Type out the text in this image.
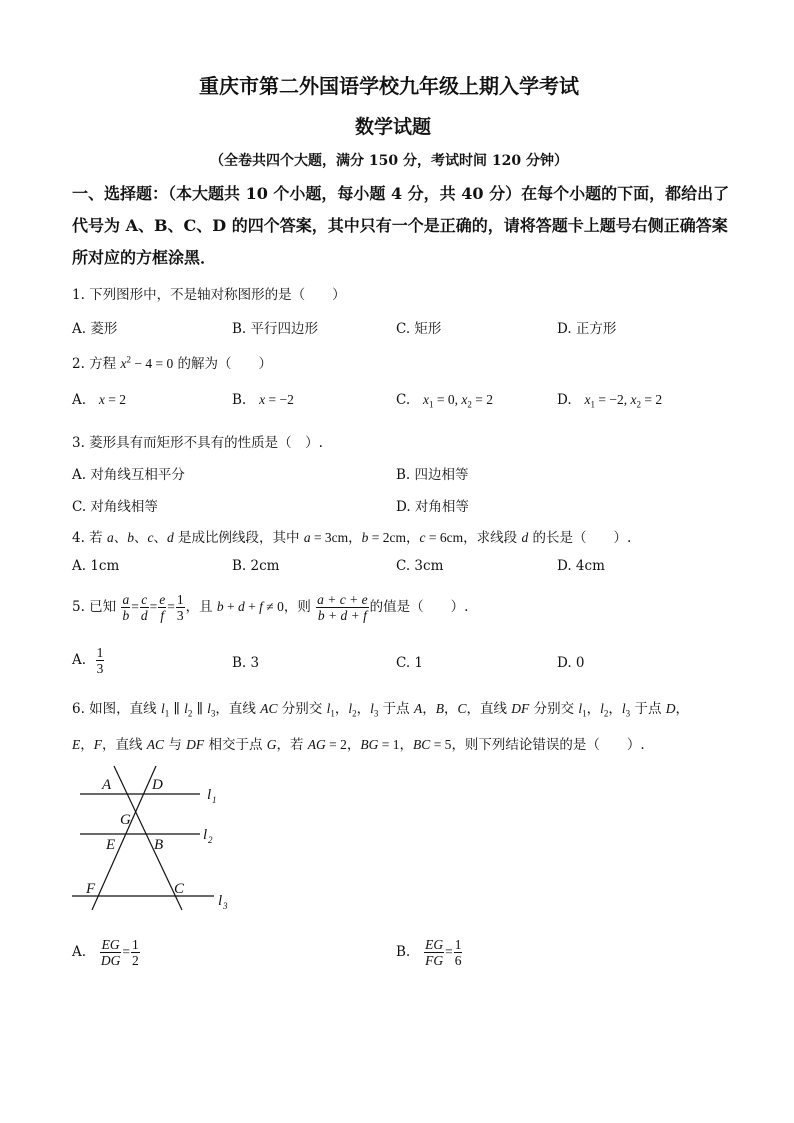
重庆市第二外国语学校九年级上期入学考试
数学试题
（全卷共四个大题，满分 150 分，考试时间 120 分钟）
一、选择题：（本大题共 10 个小题，每小题 4 分，共 40 分）在每个小题的下面，都给出了
代号为 A、B、C、D 的四个答案，其中只有一个是正确的，请将答题卡上题号右侧正确答案
所对应的方框涂黑．
1. 下列图形中，不是轴对称图形的是（　　）
A. 菱形	B. 平行四边形	C. 矩形	D. 正方形
2. 方程 $x^2 - 4 = 0$ 的解为（　　）
A. x = 2	B. x = −2	C. $x_1 = 0$, $x_2 = 2$	D. $x_1 = -2$, $x_2 = 2$
3. 菱形具有而矩形不具有的性质是（　）.
A. 对角线互相平分	B. 四边相等
C. 对角线相等	D. 对角相等
4. 若 a、b、c、d 是成比例线段，其中 a = 3cm，b = 2cm，c = 6cm，求线段 d 的长是（　　）.
A. 1cm	B. 2cm	C. 3cm	D. 4cm
5. 已知 $\frac{a}{b} = \frac{c}{d} = \frac{e}{f} = \frac{1}{3}$ ，且 b + d + f ≠ 0，则 $\frac{a + c + e}{b + d + f}$ 的值是（　　）.
A. $\frac{1}{3}$	B. 3	C. 1	D. 0
6. 如图，直线 $l_1$ ∥ $l_2$ ∥ $l_3$，直线 AC 分别交 $l_1$，$l_2$，$l_3$ 于点 A，B，C，直线 DF 分别交 $l_1$，$l_2$，$l_3$ 于点 D，
E，F，直线 AC 与 DF 相交于点 G，若 AG = 2，BG = 1，BC = 5，则下列结论错误的是（　　）.
A	D
G
E	B
F	C
l 1
l 2
l 3
A. $\frac{EG}{DG} = \frac{1}{2}$	B. $\frac{EG}{FG} = \frac{1}{6}$
